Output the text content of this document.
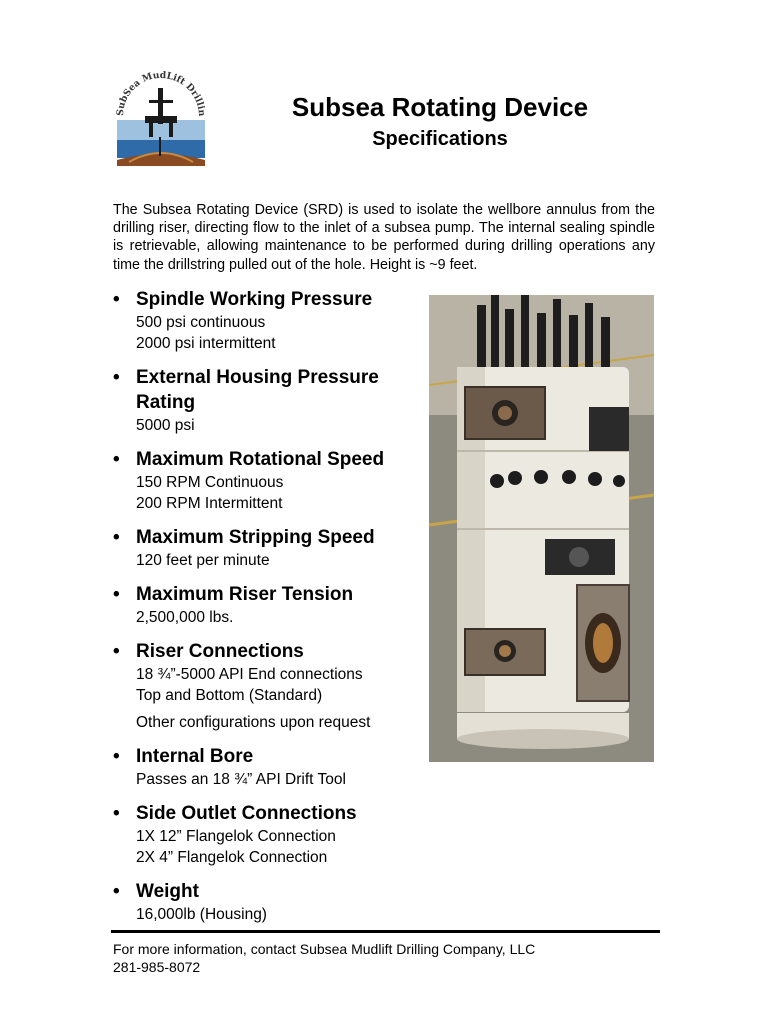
SubSea MudLift Drillin	Subsea Rotating Device
Specifications
The Subsea Rotating Device (SRD) is used to isolate the wellbore annulus from the drilling riser, directing flow to the inlet of a subsea pump. The internal sealing spindle is retrievable, allowing maintenance to be performed during drilling operations any time the drillstring pulled out of the hole. Height is ~9 feet.
• Spindle Working Pressure
500 psi continuous
2000 psi intermittent
• External Housing Pressure Rating
5000 psi
• Maximum Rotational Speed
150 RPM Continuous
200 RPM Intermittent
• Maximum Stripping Speed
120 feet per minute
• Maximum Riser Tension
2,500,000 lbs.
• Riser Connections
18 ¾”-5000 API End connections
Top and Bottom (Standard)
Other configurations upon request
• Internal Bore
Passes an 18 ¾” API Drift Tool
• Side Outlet Connections
1X 12” Flangelok Connection
2X 4” Flangelok Connection
• Weight
16,000lb (Housing)
For more information, contact Subsea Mudlift Drilling Company, LLC
281-985-8072
